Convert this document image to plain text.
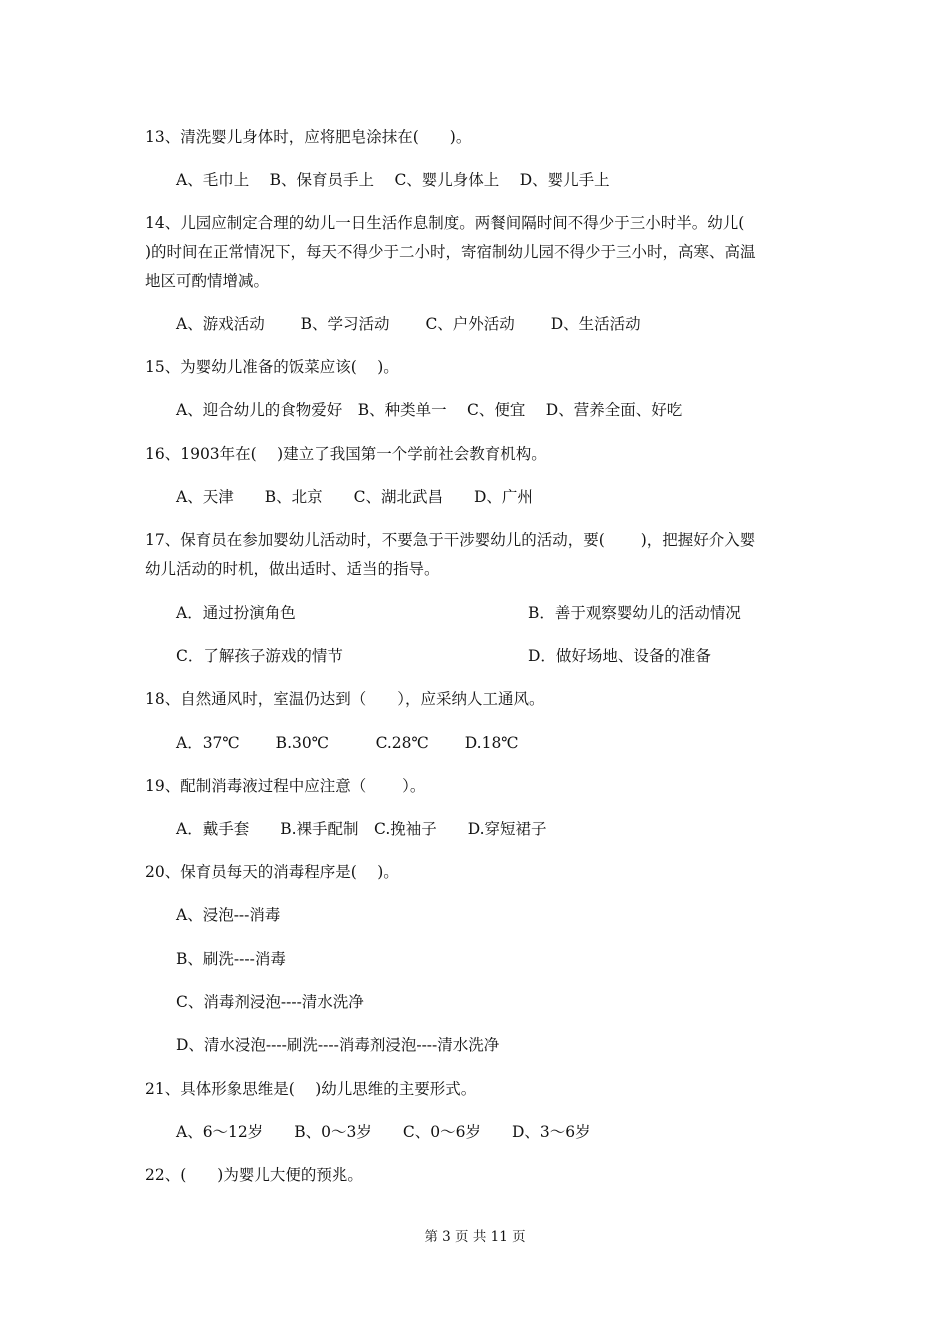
13、清洗婴儿身体时，应将肥皂涂抹在(　　)。
A、毛巾上　 B、保育员手上　 C、婴儿身体上　 D、婴儿手上
14、儿园应制定合理的幼儿一日生活作息制度。两餐间隔时间不得少于三小时半。幼儿(
)的时间在正常情况下，每天不得少于二小时，寄宿制幼儿园不得少于三小时，高寒、高温
地区可酌情增减。
A、游戏活动　　 B、学习活动　　 C、户外活动　　 D、生活活动
15、为婴幼儿准备的饭菜应该(　 )。
A、迎合幼儿的食物爱好　B、种类单一　 C、便宜　 D、营养全面、好吃
16、1903年在(　 )建立了我国第一个学前社会教育机构。
A、天津　　B、北京　　C、湖北武昌　　D、广州
17、保育员在参加婴幼儿活动时，不要急于干涉婴幼儿的活动，要(　　 )，把握好介入婴
幼儿活动的时机，做出适时、适当的指导。
A．通过扮演角色	B．善于观察婴幼儿的活动情况
C．了解孩子游戏的情节	D．做好场地、设备的准备
18、自然通风时，室温仍达到（　　），应采纳人工通风。
A．37℃　　 B.30℃　　　C.28℃　　 D.18℃
19、配制消毒液过程中应注意（　　 ）。
A．戴手套　　B.裸手配制　C.挽袖子　　D.穿短裙子
20、保育员每天的消毒程序是(　 )。
A、浸泡---消毒
B、刷洗----消毒
C、消毒剂浸泡----清水洗净
D、清水浸泡----刷洗----消毒剂浸泡----清水洗净
21、具体形象思维是(　 )幼儿思维的主要形式。
A、6～12岁　　B、0～3岁　　C、0～6岁　　D、3～6岁
22、(　　)为婴儿大便的预兆。
第 3 页 共 11 页
